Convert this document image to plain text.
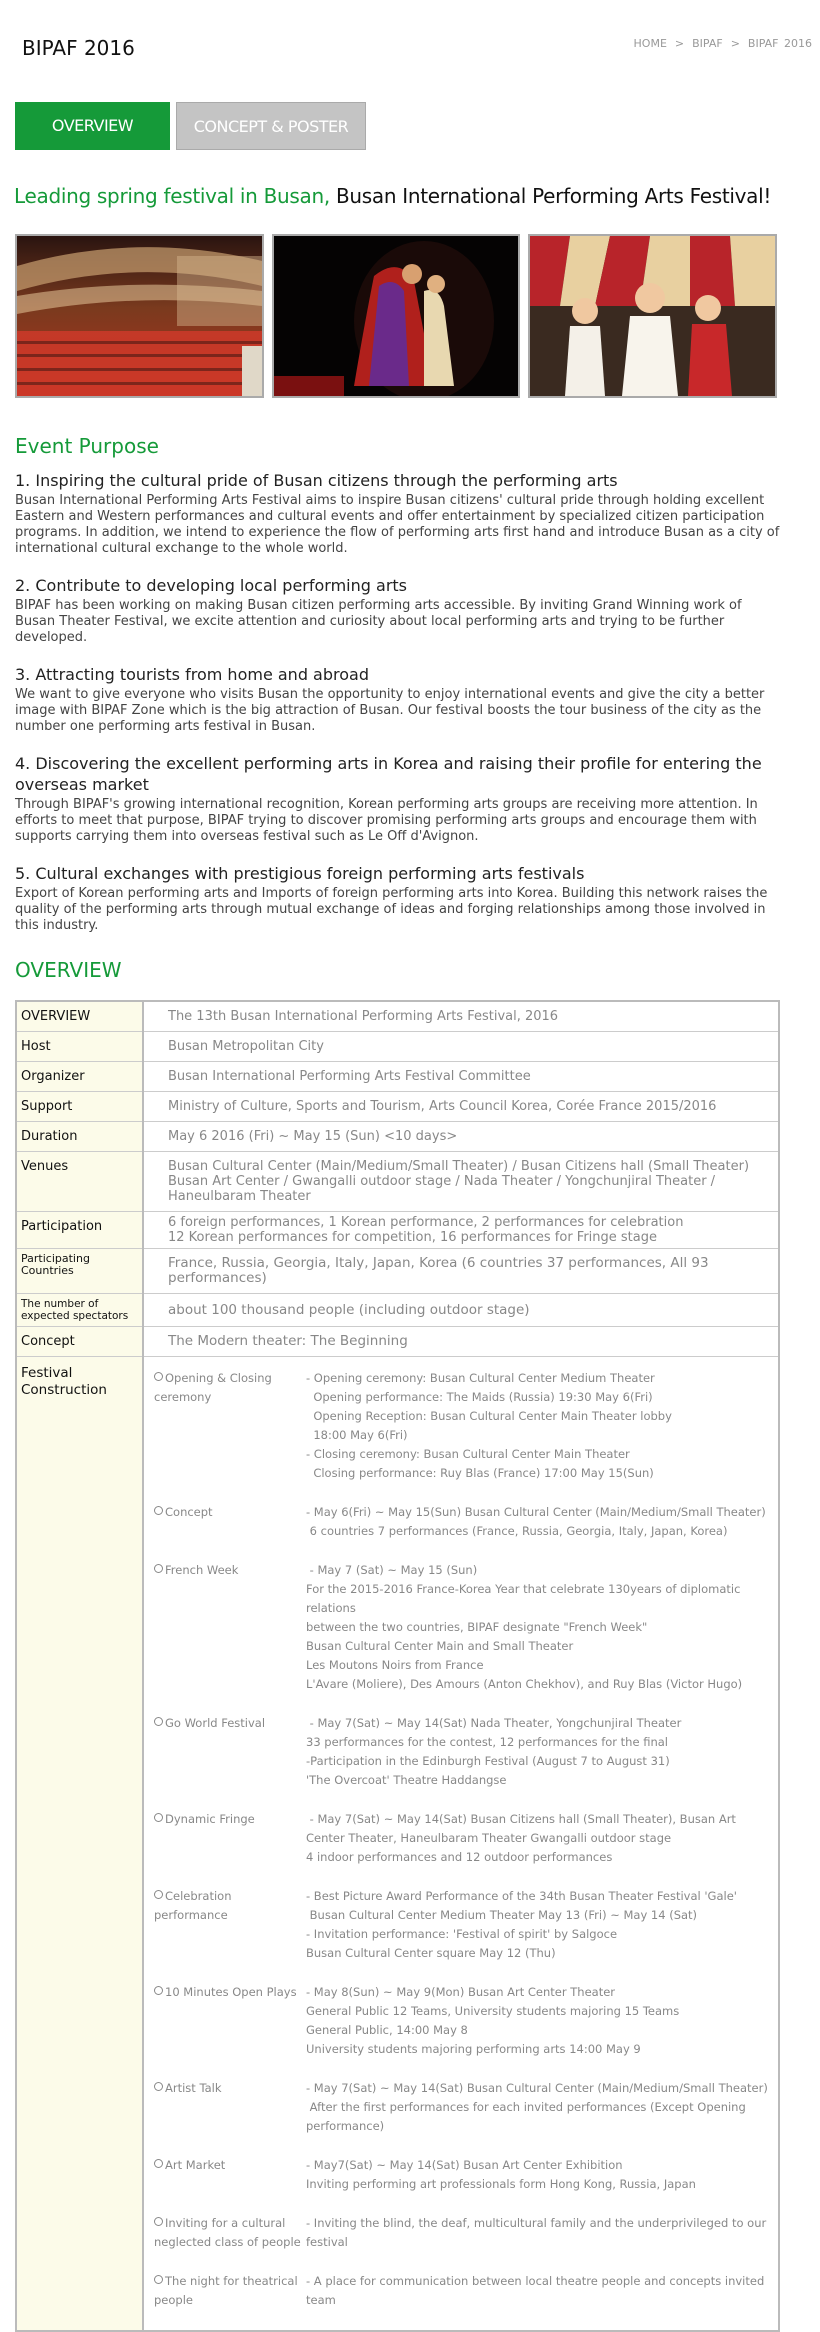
BIPAF 2016	HOME > BIPAF > BIPAF 2016
OVERVIEW	CONCEPT & POSTER
Leading spring festival in Busan, Busan International Performing Arts Festival!
Event Purpose
1. Inspiring the cultural pride of Busan citizens through the performing arts

Busan International Performing Arts Festival aims to inspire Busan citizens' cultural pride through holding excellent Eastern and Western performances and cultural events and offer entertainment by specialized citizen participation programs. In addition, we intend to experience the flow of performing arts first hand and introduce Busan as a city of international cultural exchange to the whole world.

2. Contribute to developing local performing arts

BIPAF has been working on making Busan citizen performing arts accessible. By inviting Grand Winning work of Busan Theater Festival, we excite attention and curiosity about local performing arts and trying to be further developed.

3. Attracting tourists from home and abroad

We want to give everyone who visits Busan the opportunity to enjoy international events and give the city a better image with BIPAF Zone which is the big attraction of Busan. Our festival boosts the tour business of the city as the number one performing arts festival in Busan.

4. Discovering the excellent performing arts in Korea and raising their profile for entering the overseas market

Through BIPAF's growing international recognition, Korean performing arts groups are receiving more attention. In efforts to meet that purpose, BIPAF trying to discover promising performing arts groups and encourage them with supports carrying them into overseas festival such as Le Off d'Avignon.

5. Cultural exchanges with prestigious foreign performing arts festivals

Export of Korean performing arts and Imports of foreign performing arts into Korea. Building this network raises the quality of the performing arts through mutual exchange of ideas and forging relationships among those involved in this industry.

OVERVIEW
OVERVIEW	The 13th Busan International Performing Arts Festival, 2016
Host	Busan Metropolitan City
Organizer	Busan International Performing Arts Festival Committee
Support	Ministry of Culture, Sports and Tourism, Arts Council Korea, Corée France 2015/2016
Duration	May 6 2016 (Fri) ~ May 15 (Sun) <10 days>
Venues	Busan Cultural Center (Main/Medium/Small Theater) / Busan Citizens hall (Small Theater)
Busan Art Center / Gwangalli outdoor stage / Nada Theater / Yongchunjiral Theater / Haneulbaram Theater
Participation	6 foreign performances, 1 Korean performance, 2 performances for celebration
12 Korean performances for competition, 16 performances for Fringe stage
Participating Countries	France, Russia, Georgia, Italy, Japan, Korea (6 countries 37 performances, All 93 performances)
The number of expected spectators	about 100 thousand people (including outdoor stage)
Concept	The Modern theater: The Beginning
Festival Construction	
Opening & Closing ceremony	- Opening ceremony: Busan Cultural Center Medium Theater
Opening performance: The Maids (Russia) 19:30 May 6(Fri)
Opening Reception: Busan Cultural Center Main Theater lobby
18:00 May 6(Fri)
- Closing ceremony: Busan Cultural Center Main Theater
Closing performance: Ruy Blas (France) 17:00 May 15(Sun)
Concept	- May 6(Fri) ~ May 15(Sun) Busan Cultural Center (Main/Medium/Small Theater)
6 countries 7 performances (France, Russia, Georgia, Italy, Japan, Korea)
French Week	- May 7 (Sat) ~ May 15 (Sun)
For the 2015-2016 France-Korea Year that celebrate 130years of diplomatic relations
between the two countries, BIPAF designate "French Week"
Busan Cultural Center Main and Small Theater
Les Moutons Noirs from France
L'Avare (Moliere), Des Amours (Anton Chekhov), and Ruy Blas (Victor Hugo)
Go World Festival	- May 7(Sat) ~ May 14(Sat) Nada Theater, Yongchunjiral Theater
33 performances for the contest, 12 performances for the final
-Participation in the Edinburgh Festival (August 7 to August 31)
'The Overcoat' Theatre Haddangse
Dynamic Fringe	- May 7(Sat) ~ May 14(Sat) Busan Citizens hall (Small Theater), Busan Art Center Theater, Haneulbaram Theater Gwangalli outdoor stage
4 indoor performances and 12 outdoor performances
Celebration performance	- Best Picture Award Performance of the 34th Busan Theater Festival 'Gale'
Busan Cultural Center Medium Theater May 13 (Fri) ~ May 14 (Sat)
- Invitation performance: 'Festival of spirit' by Salgoce
Busan Cultural Center square May 12 (Thu)
10 Minutes Open Plays	- May 8(Sun) ~ May 9(Mon) Busan Art Center Theater
General Public 12 Teams, University students majoring 15 Teams
General Public, 14:00 May 8
University students majoring performing arts 14:00 May 9
Artist Talk	- May 7(Sat) ~ May 14(Sat) Busan Cultural Center (Main/Medium/Small Theater)
After the first performances for each invited performances (Except Opening performance)
Art Market	- May7(Sat) ~ May 14(Sat) Busan Art Center Exhibition
Inviting performing art professionals form Hong Kong, Russia, Japan
Inviting for a cultural neglected class of people	- Inviting the blind, the deaf, multicultural family and the underprivileged to our festival
The night for theatrical people	- A place for communication between local theatre people and concepts invited team
